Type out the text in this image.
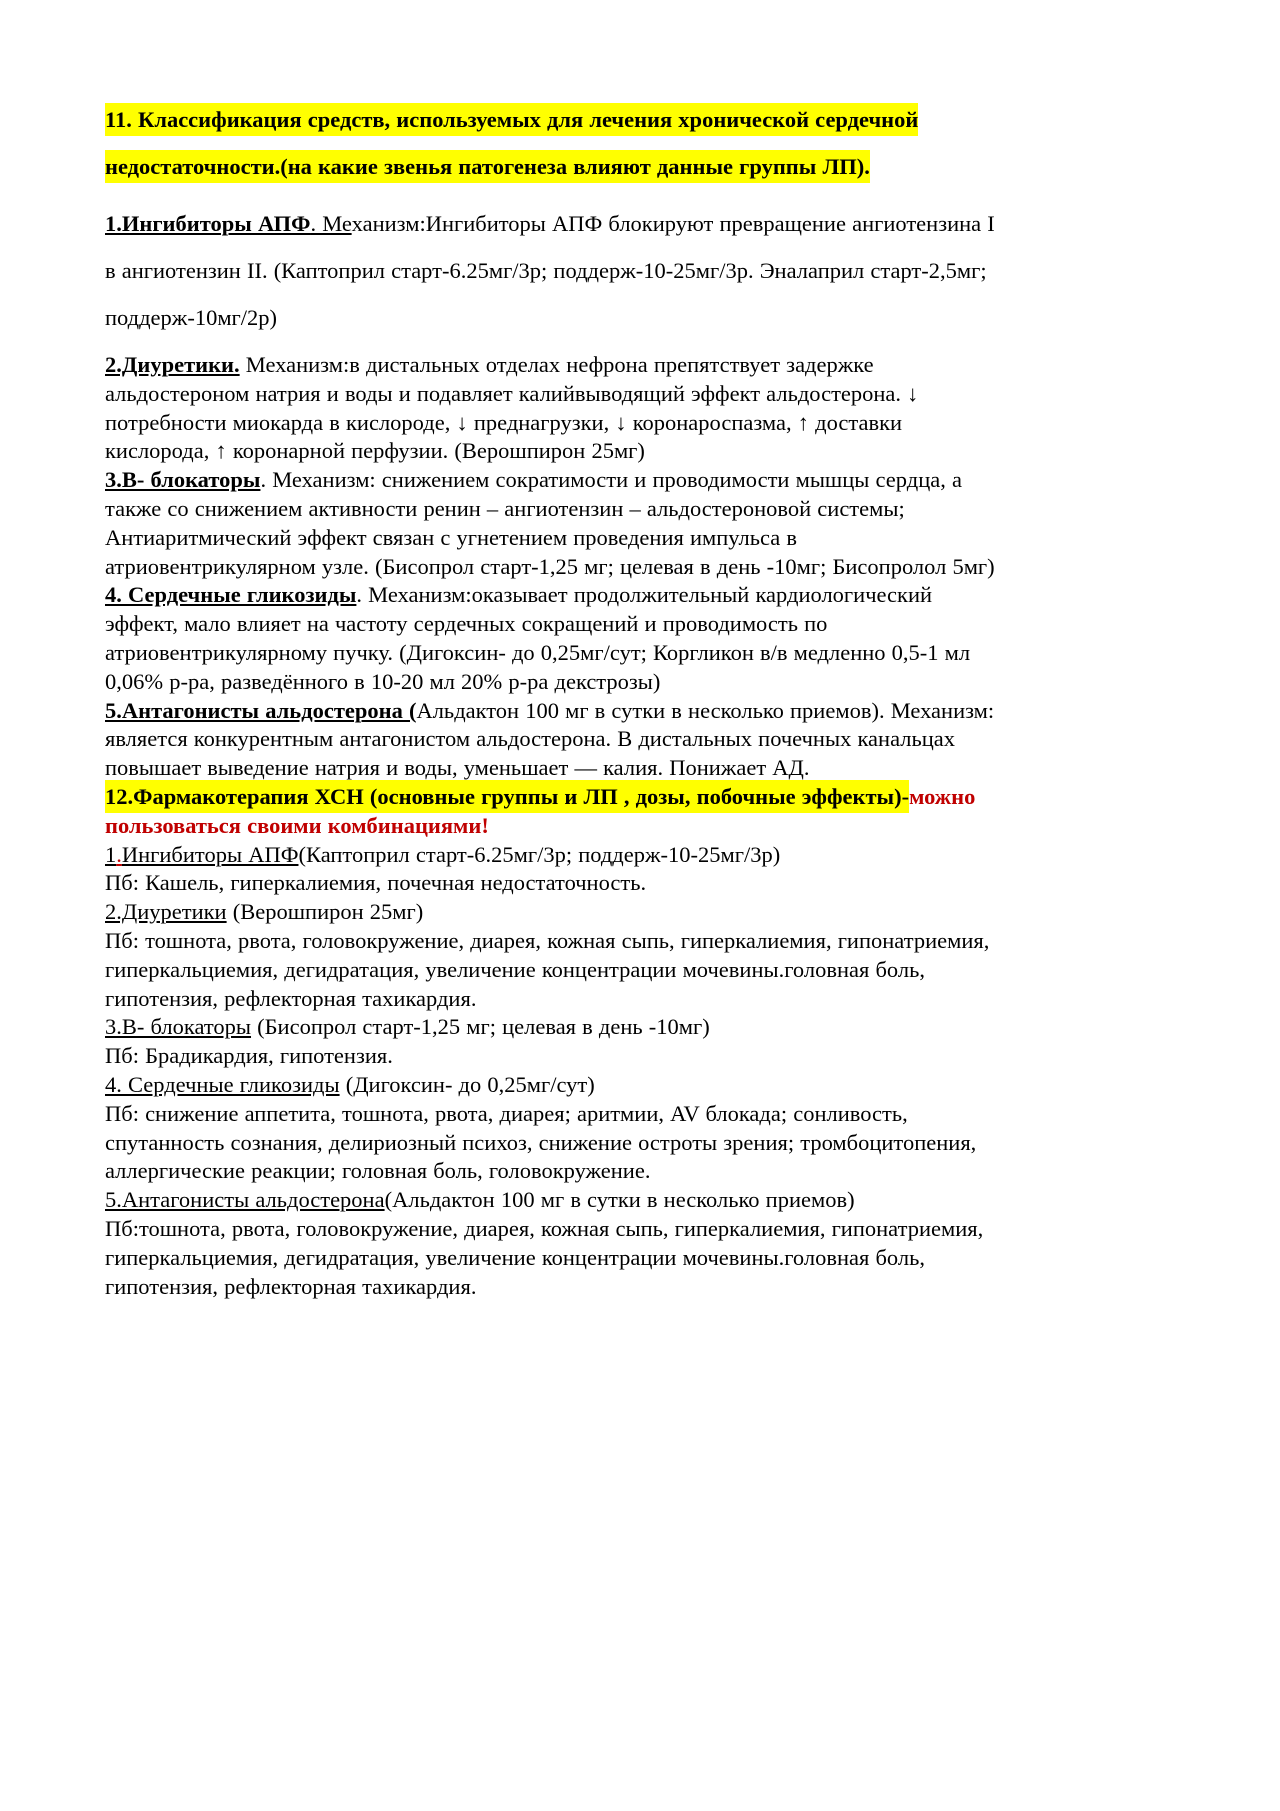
11. Классификация средств, используемых для лечения хронической сердечной недостаточности.(на какие звенья патогенеза влияют данные группы ЛП).

1.Ингибиторы АПФ. Механизм:Ингибиторы АПФ блокируют превращение ангиотензина I в ангиотензин II. (Каптоприл старт-6.25мг/3р; поддерж-10-25мг/3р. Эналаприл старт-2,5мг; поддерж-10мг/2р)

2.Диуретики. Механизм:в дистальных отделах нефрона препятствует задержке альдостероном натрия и воды и подавляет калийвыводящий эффект альдостерона. ↓ потребности миокарда в кислороде, ↓ преднагрузки, ↓ коронароспазма, ↑ доставки кислорода, ↑ коронарной перфузии. (Верошпирон 25мг)

3.В- блокаторы. Механизм: снижением сократимости и проводимости мышцы сердца, а также со снижением активности ренин – ангиотензин – альдостероновой системы; Антиаритмический эффект связан с угнетением проведения импульса в атриовентрикулярном узле. (Бисопрол старт-1,25 мг; целевая в день -10мг; Бисопролол 5мг)

4. Сердечные гликозиды. Механизм:оказывает продолжительный кардиологический эффект, мало влияет на частоту сердечных сокращений и проводимость по атриовентрикулярному пучку. (Дигоксин- до 0,25мг/сут; Коргликон в/в медленно 0,5-1 мл 0,06% р-ра, разведённого в 10-20 мл 20% р-ра декстрозы)

5.Антагонисты альдостерона (Альдактон 100 мг в сутки в несколько приемов). Механизм: является конкурентным антагонистом альдостерона. В дистальных почечных канальцах повышает выведение натрия и воды, уменьшает — калия. Понижает АД.

12.Фармакотерапия ХСН (основные группы и ЛП , дозы, побочные эффекты)-можно пользоваться своими комбинациями!

1.Ингибиторы АПФ(Каптоприл старт-6.25мг/3р; поддерж-10-25мг/3р)

Пб: Кашель, гиперкалиемия, почечная недостаточность.

2.Диуретики (Верошпирон 25мг)

Пб: тошнота, рвота, головокружение, диарея, кожная сыпь, гиперкалиемия, гипонатриемия, гиперкальциемия, дегидратация, увеличение концентрации мочевины.головная боль, гипотензия, рефлекторная тахикардия.

3.В- блокаторы (Бисопрол старт-1,25 мг; целевая в день -10мг)

Пб: Брадикардия, гипотензия.

4. Сердечные гликозиды (Дигоксин- до 0,25мг/сут)

Пб: снижение аппетита, тошнота, рвота, диарея; аритмии, AV блокада; сонливость, спутанность сознания, делириозный психоз, снижение остроты зрения; тромбоцитопения, аллергические реакции; головная боль, головокружение.

5.Антагонисты альдостерона(Альдактон 100 мг в сутки в несколько приемов)

Пб:тошнота, рвота, головокружение, диарея, кожная сыпь, гиперкалиемия, гипонатриемия, гиперкальциемия, дегидратация, увеличение концентрации мочевины.головная боль, гипотензия, рефлекторная тахикардия.
